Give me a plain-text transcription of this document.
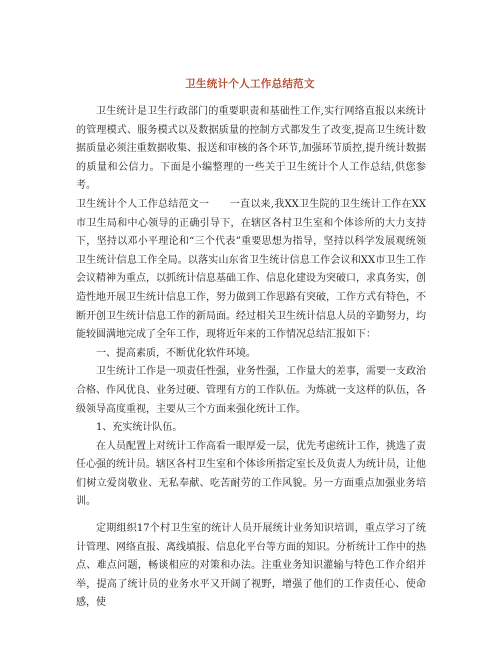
卫生统计个人工作总结范文

卫生统计是卫生行政部门的重要职责和基础性工作,实行网络直报以来统计的管理模式、服务模式以及数据质量的控制方式都发生了改变,提高卫生统计数据质量必须注重数据收集、报送和审核的各个环节,加强环节质控,提升统计数据的质量和公信力。下面是小编整理的一些关于卫生统计个人工作总结,供您参考。

卫生统计个人工作总结范文一　　一直以来,我XX卫生院的卫生统计工作在XX市卫生局和中心领导的正确引导下，在辖区各村卫生室和个体诊所的大力支持下，坚持以邓小平理论和“三个代表”重要思想为指导，坚持以科学发展观统领卫生统计信息工作全局。以落实山东省卫生统计信息工作会议和XX市卫生工作会议精神为重点，以抓统计信息基础工作、信息化建设为突破口，求真务实，创造性地开展卫生统计信息工作，努力做到工作思路有突破，工作方式有特色，不断开创卫生统计信息工作的新局面。经过相关卫生统计信息人员的辛勤努力，均能较圆满地完成了全年工作，现将近年来的工作情况总结汇报如下：

一、提高素质，不断优化软件环境。

卫生统计工作是一项责任性强，业务性强，工作量大的差事，需要一支政治合格、作风优良、业务过硬、管理有方的工作队伍。为炼就一支这样的队伍，各级领导高度重视，主要从三个方面来强化统计工作。

1、充实统计队伍。

在人员配置上对统计工作高看一眼厚爱一层，优先考虑统计工作，挑选了责任心强的统计员。辖区各村卫生室和个体诊所指定室长及负责人为统计员，让他们树立爱岗敬业、无私奉献、吃苦耐劳的工作风貌。另一方面重点加强业务培训。

定期组织17个村卫生室的统计人员开展统计业务知识培训，重点学习了统计管理、网络直报、离线填报、信息化平台等方面的知识。分析统计工作中的热点、难点问题，畅谈相应的对策和办法。注重业务知识灌输与特色工作介绍并举，提高了统计员的业务水平又开阔了视野，增强了他们的工作责任心、使命感，使
